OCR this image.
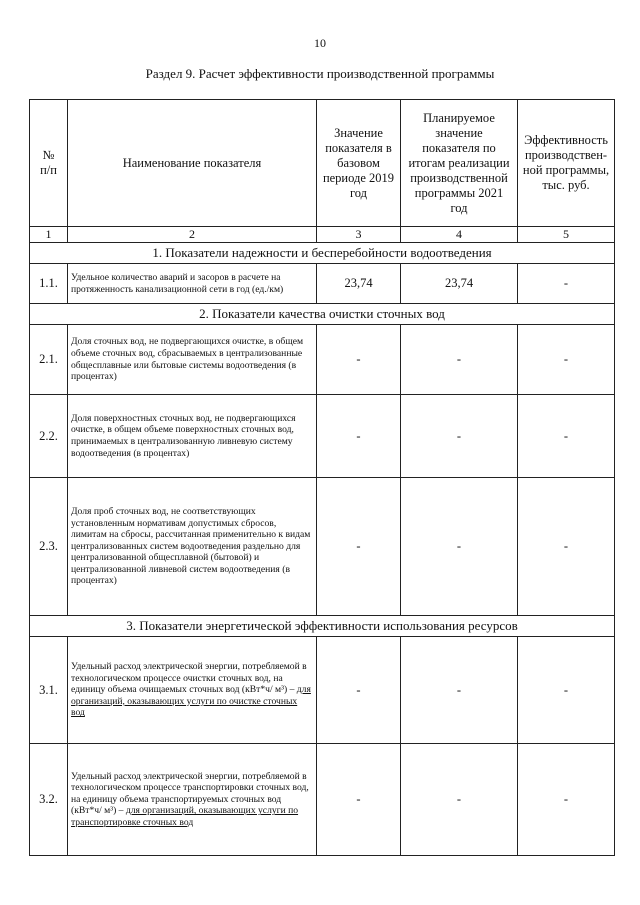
10
Раздел 9. Расчет эффективности производственной программы
№ п/п	Наименование показателя	Значение показателя в базовом периоде 2019 год	Планируемое значение показателя по итогам реализации производственной программы 2021 год	Эффективность производствен-ной программы, тыс. руб.
1	2	3	4	5
1. Показатели надежности и бесперебойности водоотведения				
1.1.	Удельное количество аварий и засоров в расчете на протяженность канализационной сети в год (ед./км)	23,74	23,74	-
2. Показатели качества очистки сточных вод				
2.1.	Доля сточных вод, не подвергающихся очистке, в общем объеме сточных вод, сбрасываемых в централизованные общесплавные или бытовые системы водоотведения (в процентах)	-	-	-
2.2.	Доля поверхностных сточных вод, не подвергающихся очистке, в общем объеме поверхностных сточных вод, принимаемых в централизованную ливневую систему водоотведения (в процентах)	-	-	-
2.3.	Доля проб сточных вод, не соответствующих установленным нормативам допустимых сбросов, лимитам на сбросы, рассчитанная применительно к видам централизованных систем водоотведения раздельно для централизованной общесплавной (бытовой) и централизованной ливневой систем водоотведения (в процентах)	-	-	-
3. Показатели энергетической эффективности использования ресурсов				
3.1.	Удельный расход электрической энергии, потребляемой в технологическом процессе очистки сточных вод, на единицу объема очищаемых сточных вод (кВт*ч/ м³) – для организаций, оказывающих услуги по очистке сточных вод	-	-	-
3.2.	Удельный расход электрической энергии, потребляемой в технологическом процессе транспортировки сточных вод, на единицу объема транспортируемых сточных вод (кВт*ч/ м³) – для организаций, оказывающих услуги по транспортировке сточных вод	-	-	-
